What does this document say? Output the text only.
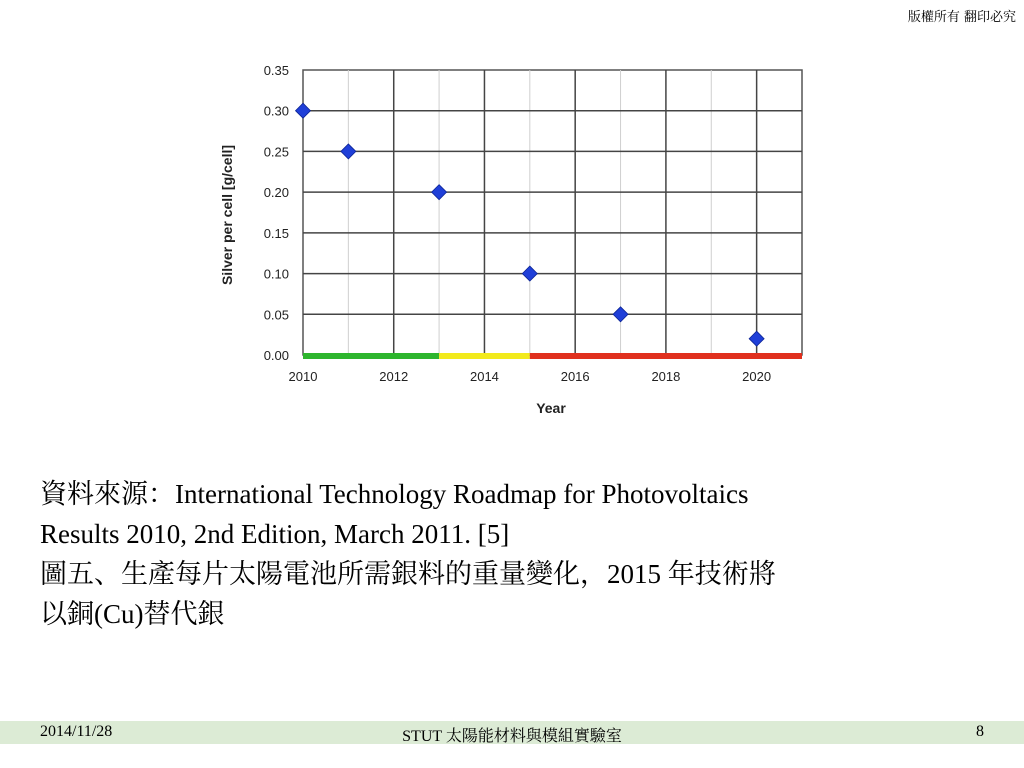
版權所有 翻印必究
0.00
0.05
0.10
0.15
0.20
0.25
0.30
0.35
2010	2012	2014	2016	2018	2020
Silver per cell [g/cell]
Year
資料來源：International Technology Roadmap for Photovoltaics
Results 2010, 2nd Edition, March 2011. [5]
圖五、生產每片太陽電池所需銀料的重量變化，2015 年技術將
以銅(Cu)替代銀
2014/11/28	STUT 太陽能材料與模組實驗室	8
